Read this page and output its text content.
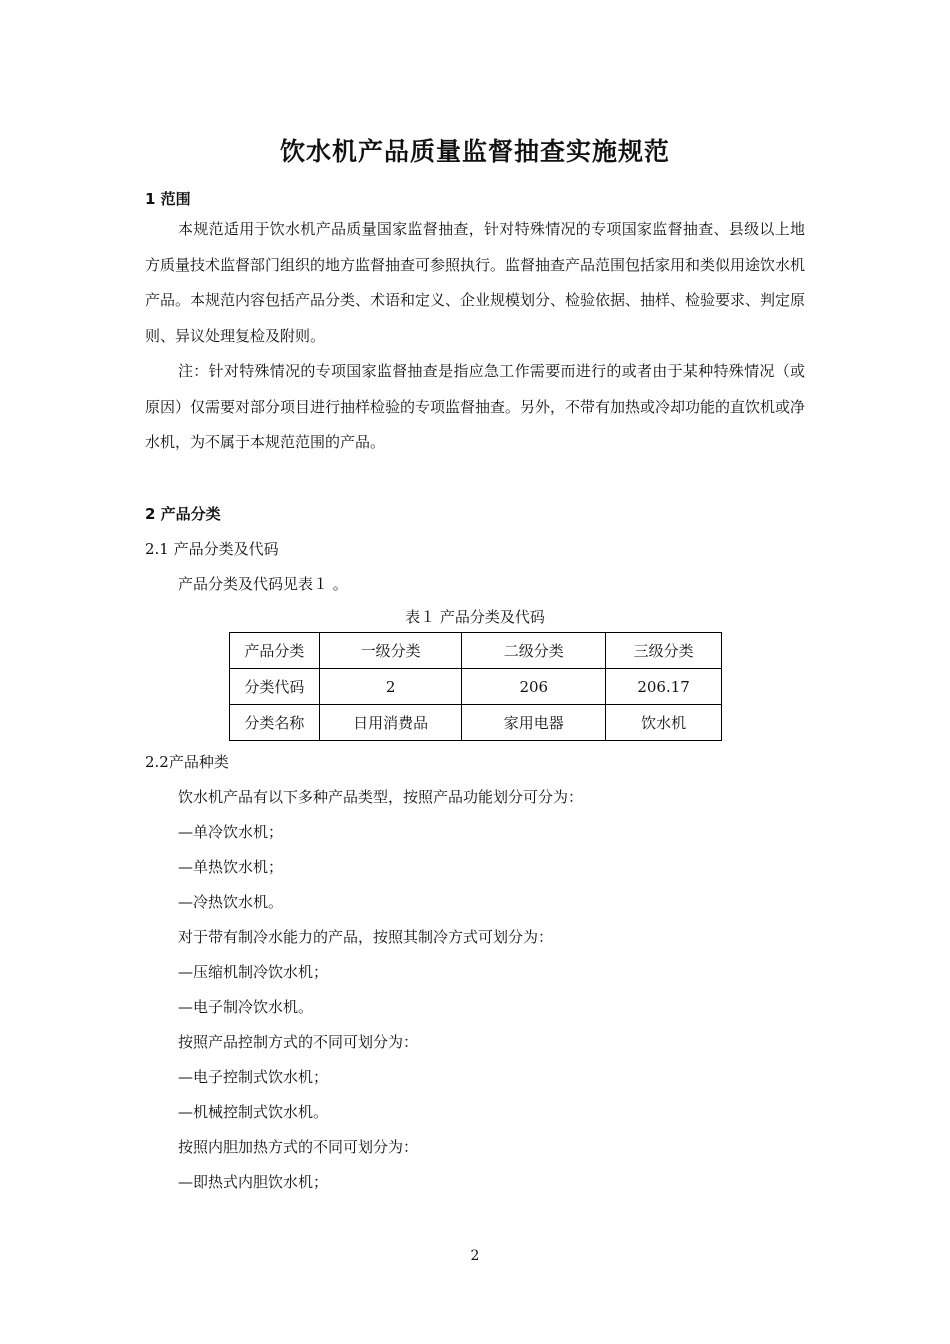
饮水机产品质量监督抽查实施规范
1 范围

本规范适用于饮水机产品质量国家监督抽查，针对特殊情况的专项国家监督抽查、县级以上地方质量技术监督部门组织的地方监督抽查可参照执行。监督抽查产品范围包括家用和类似用途饮水机产品。本规范内容包括产品分类、术语和定义、企业规模划分、检验依据、抽样、检验要求、判定原则、异议处理复检及附则。

注：针对特殊情况的专项国家监督抽查是指应急工作需要而进行的或者由于某种特殊情况（或原因）仅需要对部分项目进行抽样检验的专项监督抽查。另外，不带有加热或冷却功能的直饮机或净水机，为不属于本规范范围的产品。

2 产品分类
2.1 产品分类及代码
产品分类及代码见表１ 。
表１ 产品分类及代码
产品分类	一级分类	二级分类	三级分类
分类代码	2	206	206.17
分类名称	日用消费品	家用电器	饮水机
2.2产品种类
饮水机产品有以下多种产品类型，按照产品功能划分可分为：
—单冷饮水机；
—单热饮水机；
—冷热饮水机。
对于带有制冷水能力的产品，按照其制冷方式可划分为：
—压缩机制冷饮水机；
—电子制冷饮水机。
按照产品控制方式的不同可划分为：
—电子控制式饮水机；
—机械控制式饮水机。
按照内胆加热方式的不同可划分为：
—即热式内胆饮水机；
2
